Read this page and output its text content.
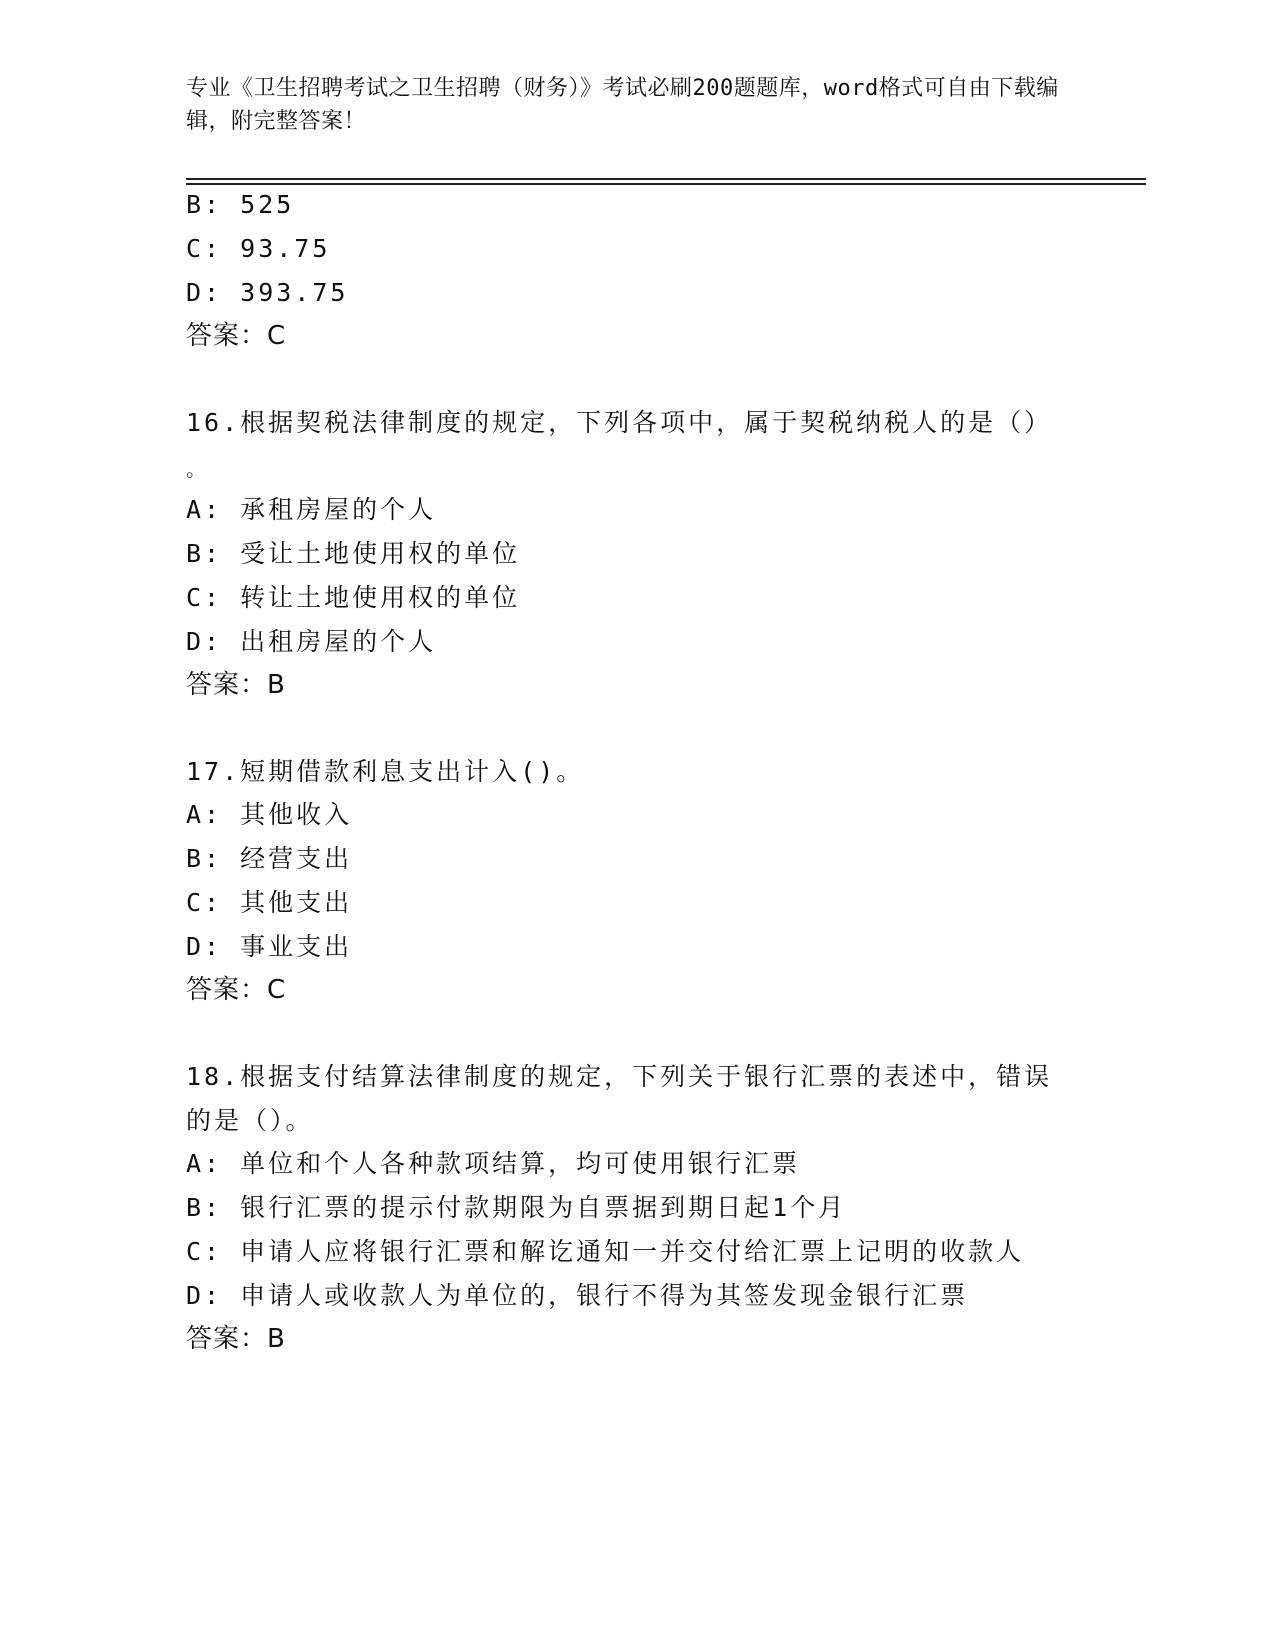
专业《卫生招聘考试之卫生招聘（财务）》考试必刷200题题库，word格式可自由下载编辑，附完整答案！
B: 525
C: 93.75
D: 393.75
答案：C
16.根据契税法律制度的规定，下列各项中，属于契税纳税人的是（）
。
A: 承租房屋的个人
B: 受让土地使用权的单位
C: 转让土地使用权的单位
D: 出租房屋的个人
答案：B
17.短期借款利息支出计入()。
A: 其他收入
B: 经营支出
C: 其他支出
D: 事业支出
答案：C
18.根据支付结算法律制度的规定，下列关于银行汇票的表述中，错误
的是（）。
A: 单位和个人各种款项结算，均可使用银行汇票
B: 银行汇票的提示付款期限为自票据到期日起1个月
C: 申请人应将银行汇票和解讫通知一并交付给汇票上记明的收款人
D: 申请人或收款人为单位的，银行不得为其签发现金银行汇票
答案：B
